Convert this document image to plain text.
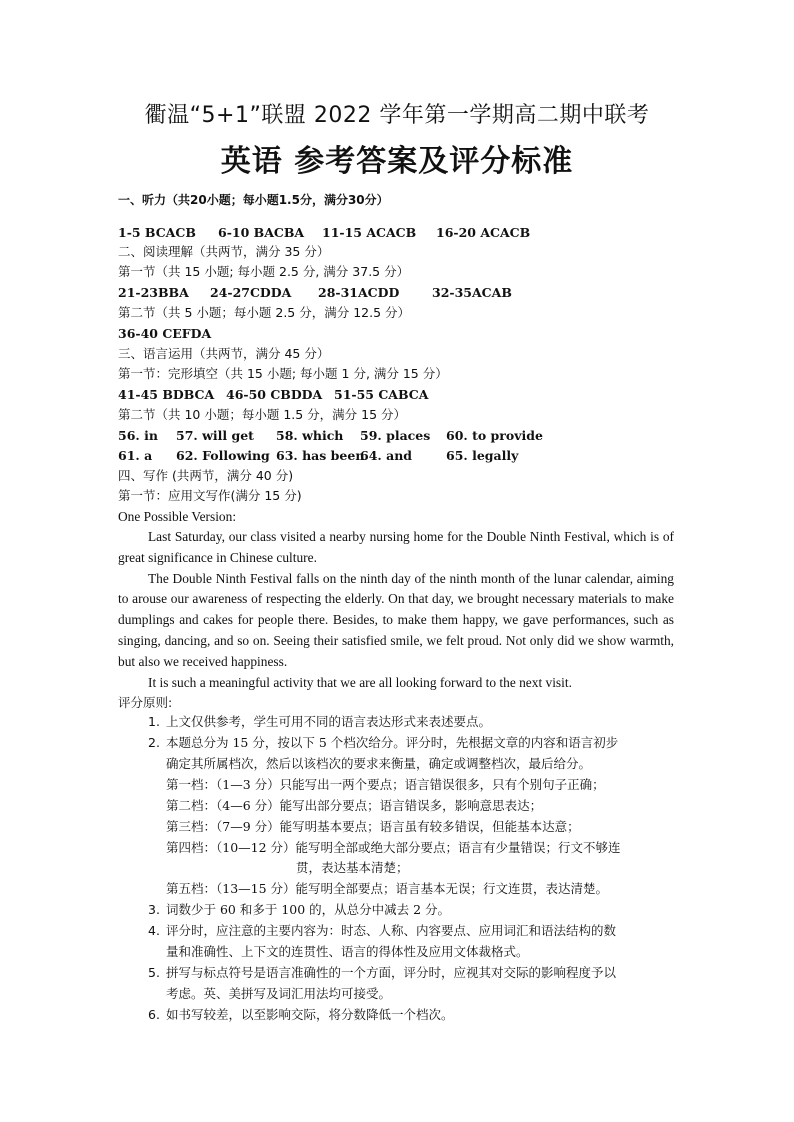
衢温“5+1”联盟 2022 学年第一学期高二期中联考
英语 参考答案及评分标准
一、听力（共20小题；每小题1.5分，满分30分）
1-5 BCACB 6-10 BACBA 11-15 ACACB 16-20 ACACB
二、阅读理解（共两节，满分 35 分）
第一节（共 15 小题; 每小题 2.5 分, 满分 37.5 分）
21-23BBA 24-27CDDA 28-31ACDD	32-35ACAB
第二节（共 5 小题；每小题 2.5 分，满分 12.5 分）
36-40 CEFDA
三、语言运用（共两节，满分 45 分）
第一节：完形填空（共 15 小题; 每小题 1 分, 满分 15 分）
41-45 BDBCA 46-50 CBDDA 51-55 CABCA
第二节（共 10 小题；每小题 1.5 分，满分 15 分）
56. in 57. will get 58. which 59. places 60. to provide
61. a 62. Following 63. has been64. and	65. legally
四、写作 (共两节，满分 40 分)
第一节：应用文写作(满分 15 分)
One Possible Version:

Last Saturday, our class visited a nearby nursing home for the Double Ninth Festival, which is of great significance in Chinese culture.

The Double Ninth Festival falls on the ninth day of the ninth month of the lunar calendar, aiming to arouse our awareness of respecting the elderly. On that day, we brought necessary materials to make dumplings and cakes for people there. Besides, to make them happy, we gave performances, such as singing, dancing, and so on. Seeing their satisfied smile, we felt proud. Not only did we show warmth, but also we received happiness.

It is such a meaningful activity that we are all looking forward to the next visit.

评分原则:
1. 上文仅供参考，学生可用不同的语言表达形式来表述要点。
2. 本题总分为 15 分，按以下 5 个档次给分。评分时，先根据文章的内容和语言初步
确定其所属档次，然后以该档次的要求来衡量，确定或调整档次，最后给分。
第一档：（1—3 分）只能写出一两个要点；语言错误很多，只有个别句子正确；
第二档：（4—6 分）能写出部分要点；语言错误多，影响意思表达；
第三档：（7—9 分）能写明基本要点；语言虽有较多错误，但能基本达意；
第四档：（10—12 分）能写明全部或绝大部分要点；语言有少量错误；行文不够连
贯，表达基本清楚；
第五档：（13—15 分）能写明全部要点；语言基本无误；行文连贯，表达清楚。
3. 词数少于 60 和多于 100 的，从总分中减去 2 分。
4. 评分时，应注意的主要内容为：时态、人称、内容要点、应用词汇和语法结构的数
量和准确性、上下文的连贯性、语言的得体性及应用文体裁格式。
5. 拼写与标点符号是语言准确性的一个方面，评分时，应视其对交际的影响程度予以
考虑。英、美拼写及词汇用法均可接受。
6. 如书写较差，以至影响交际，将分数降低一个档次。
